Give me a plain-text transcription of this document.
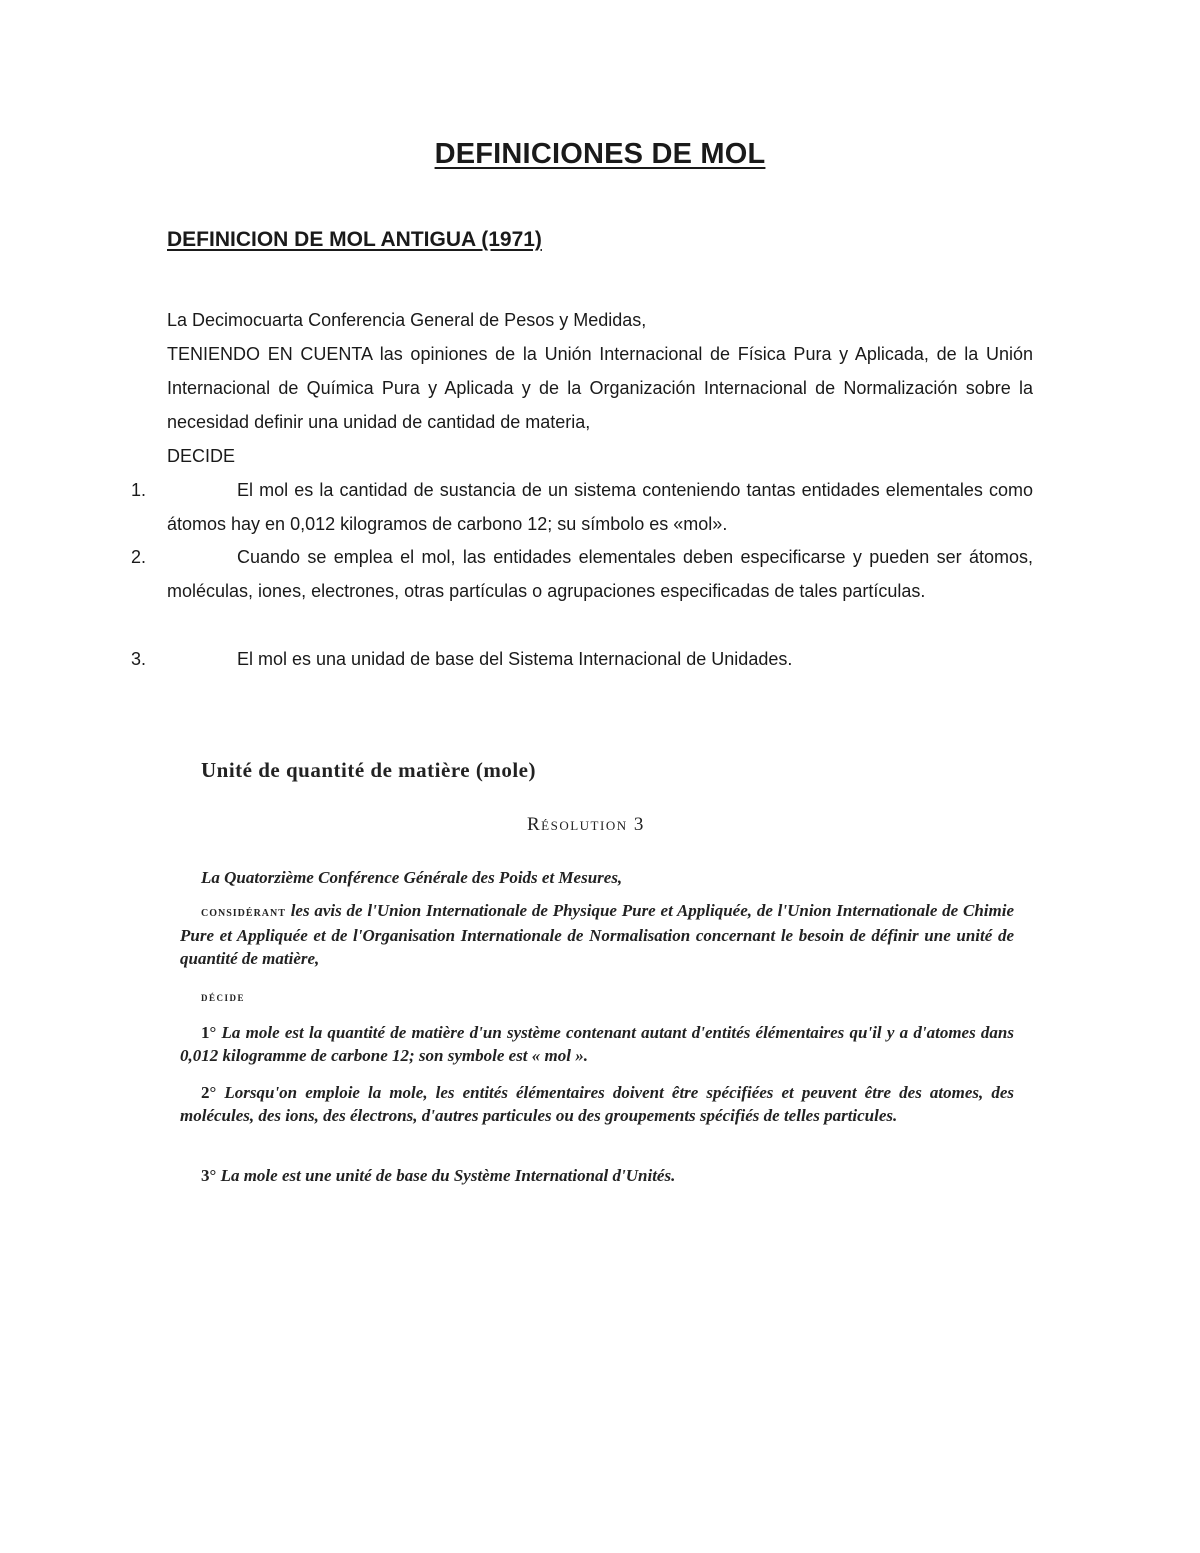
DEFINICIONES DE MOL
DEFINICION DE MOL ANTIGUA (1971)

La Decimocuarta Conferencia General de Pesos y Medidas,

TENIENDO EN CUENTA las opiniones de la Unión Internacional de Física Pura y Aplicada, de la Unión Internacional de Química Pura y Aplicada y de la Organización Internacional de Normalización sobre la necesidad definir una unidad de cantidad de materia,

DECIDE

1.	El mol es la cantidad de sustancia de un sistema conteniendo tantas entidades elementales como átomos hay en 0,012 kilogramos de carbono 12; su símbolo es «mol».
2.	Cuando se emplea el mol, las entidades elementales deben especificarse y pueden ser átomos, moléculas, iones, electrones, otras partículas o agrupaciones especificadas de tales partículas.
3.	El mol es una unidad de base del Sistema Internacional de Unidades.
Unité de quantité de matière (mole)
Résolution 3
La Quatorzième Conférence Générale des Poids et Mesures,
considérant les avis de l'Union Internationale de Physique Pure et Appliquée, de l'Union Internationale de Chimie Pure et Appliquée et de l'Organisation Internationale de Normalisation concernant le besoin de définir une unité de quantité de matière,
décide
1° La mole est la quantité de matière d'un système contenant autant d'entités élémentaires qu'il y a d'atomes dans 0,012 kilogramme de carbone 12; son symbole est « mol ».
2° Lorsqu'on emploie la mole, les entités élémentaires doivent être spécifiées et peuvent être des atomes, des molécules, des ions, des électrons, d'autres particules ou des groupements spécifiés de telles particules.
3° La mole est une unité de base du Système International d'Unités.
